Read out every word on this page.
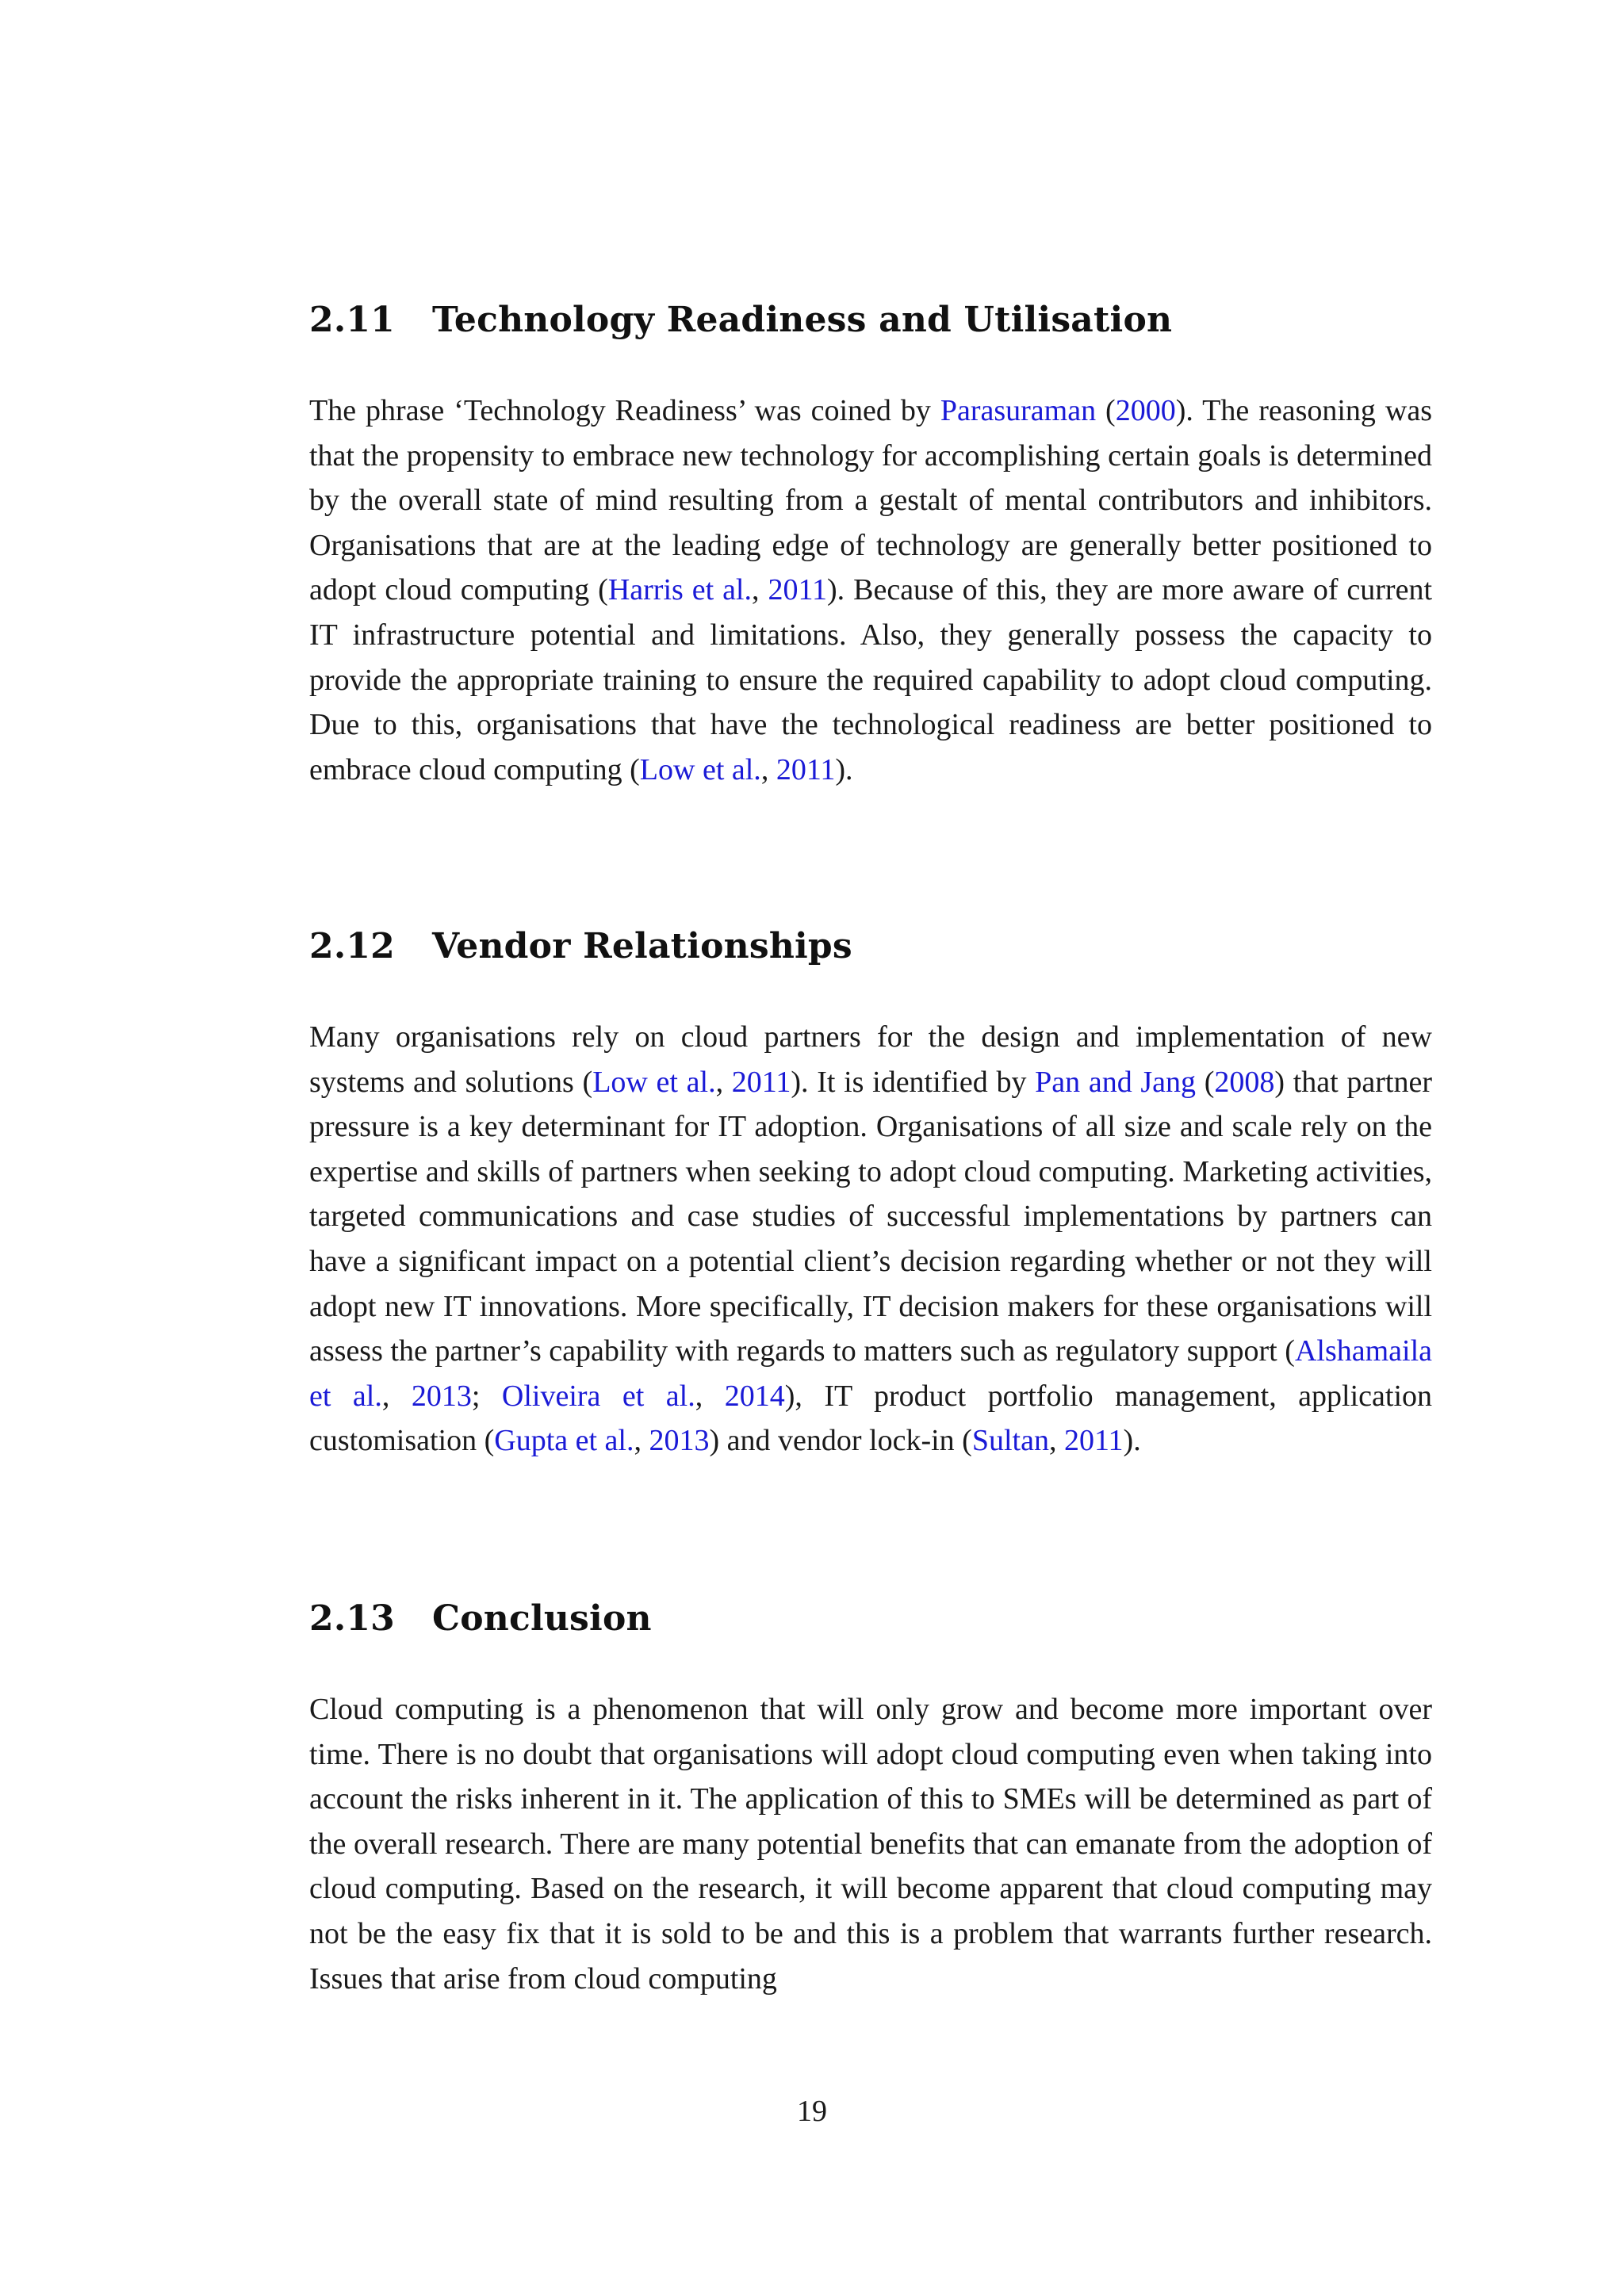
2.11	Technology Readiness and Utilisation

The phrase ‘Technology Readiness’ was coined by Parasuraman (2000). The reasoning was that the propensity to embrace new technology for accomplishing certain goals is determined by the overall state of mind resulting from a gestalt of mental contributors and inhibitors. Organisations that are at the leading edge of technology are generally better positioned to adopt cloud computing (Harris et al., 2011). Because of this, they are more aware of current IT infrastructure potential and limitations. Also, they generally possess the capacity to provide the appropriate training to ensure the required capability to adopt cloud computing. Due to this, organisations that have the technological readiness are better positioned to embrace cloud computing (Low et al., 2011).

2.12	Vendor Relationships

Many organisations rely on cloud partners for the design and implementation of new systems and solutions (Low et al., 2011). It is identified by Pan and Jang (2008) that partner pressure is a key determinant for IT adoption. Organisations of all size and scale rely on the expertise and skills of partners when seeking to adopt cloud computing. Marketing activities, targeted communications and case studies of successful implementations by partners can have a significant impact on a potential client’s decision regarding whether or not they will adopt new IT innovations. More specifically, IT decision makers for these organisations will assess the partner’s capability with regards to matters such as regulatory support (Alshamaila et al., 2013; Oliveira et al., 2014), IT product portfolio management, application customisation (Gupta et al., 2013) and vendor lock-in (Sultan, 2011).

2.13	Conclusion

Cloud computing is a phenomenon that will only grow and become more important over time. There is no doubt that organisations will adopt cloud computing even when taking into account the risks inherent in it. The application of this to SMEs will be determined as part of the overall research. There are many potential benefits that can emanate from the adoption of cloud computing. Based on the research, it will become apparent that cloud computing may not be the easy fix that it is sold to be and this is a problem that warrants further research. Issues that arise from cloud computing

19
